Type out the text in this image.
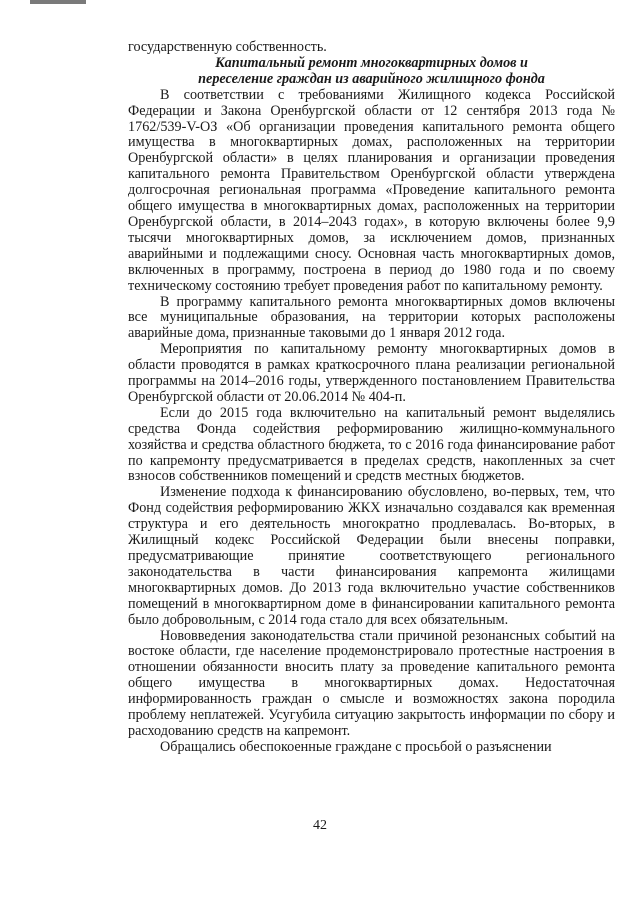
государственную собственность.

Капитальный ремонт многоквартирных домов и

переселение граждан из аварийного жилищного фонда

В соответствии с требованиями Жилищного кодекса Российской Федерации и Закона Оренбургской области от 12 сентября 2013 года № 1762/539-V-ОЗ «Об организации проведения капитального ремонта общего имущества в многоквартирных домах, расположенных на территории Оренбургской области» в целях планирования и организации проведения капитального ремонта Правительством Оренбургской области утверждена долгосрочная региональная программа «Проведение капитального ремонта общего имущества в многоквартирных домах, расположенных на территории Оренбургской области, в 2014–2043 годах», в которую включены более 9,9 тысячи многоквартирных домов, за исключением домов, признанных аварийными и подлежащими сносу. Основная часть многоквартирных домов, включенных в программу, построена в период до 1980 года и по своему техническому состоянию требует проведения работ по капитальному ремонту.

В программу капитального ремонта многоквартирных домов включены все муниципальные образования, на территории которых расположены аварийные дома, признанные таковыми до 1 января 2012 года.

Мероприятия по капитальному ремонту многоквартирных домов в области проводятся в рамках краткосрочного плана реализации региональной программы на 2014–2016 годы, утвержденного постановлением Правительства Оренбургской области от 20.06.2014 № 404-п.

Если до 2015 года включительно на капитальный ремонт выделялись средства Фонда содействия реформированию жилищно-коммунального хозяйства и средства областного бюджета, то с 2016 года финансирование работ по капремонту предусматривается в пределах средств, накопленных за счет взносов собственников помещений и средств местных бюджетов.

Изменение подхода к финансированию обусловлено, во-первых, тем, что Фонд содействия реформированию ЖКХ изначально создавался как временная структура и его деятельность многократно продлевалась. Во-вторых, в Жилищный кодекс Российской Федерации были внесены поправки, предусматривающие принятие соответствующего регионального законодательства в части финансирования капремонта жилищами многоквартирных домов. До 2013 года включительно участие собственников помещений в многоквартирном доме в финансировании капитального ремонта было добровольным, с 2014 года стало для всех обязательным.

Нововведения законодательства стали причиной резонансных событий на востоке области, где население продемонстрировало протестные настроения в отношении обязанности вносить плату за проведение капитального ремонта общего имущества в многоквартирных домах. Недостаточная информированность граждан о смысле и возможностях закона породила проблему неплатежей. Усугубила ситуацию закрытость информации по сбору и расходованию средств на капремонт.

Обращались обеспокоенные граждане с просьбой о разъяснении

42
